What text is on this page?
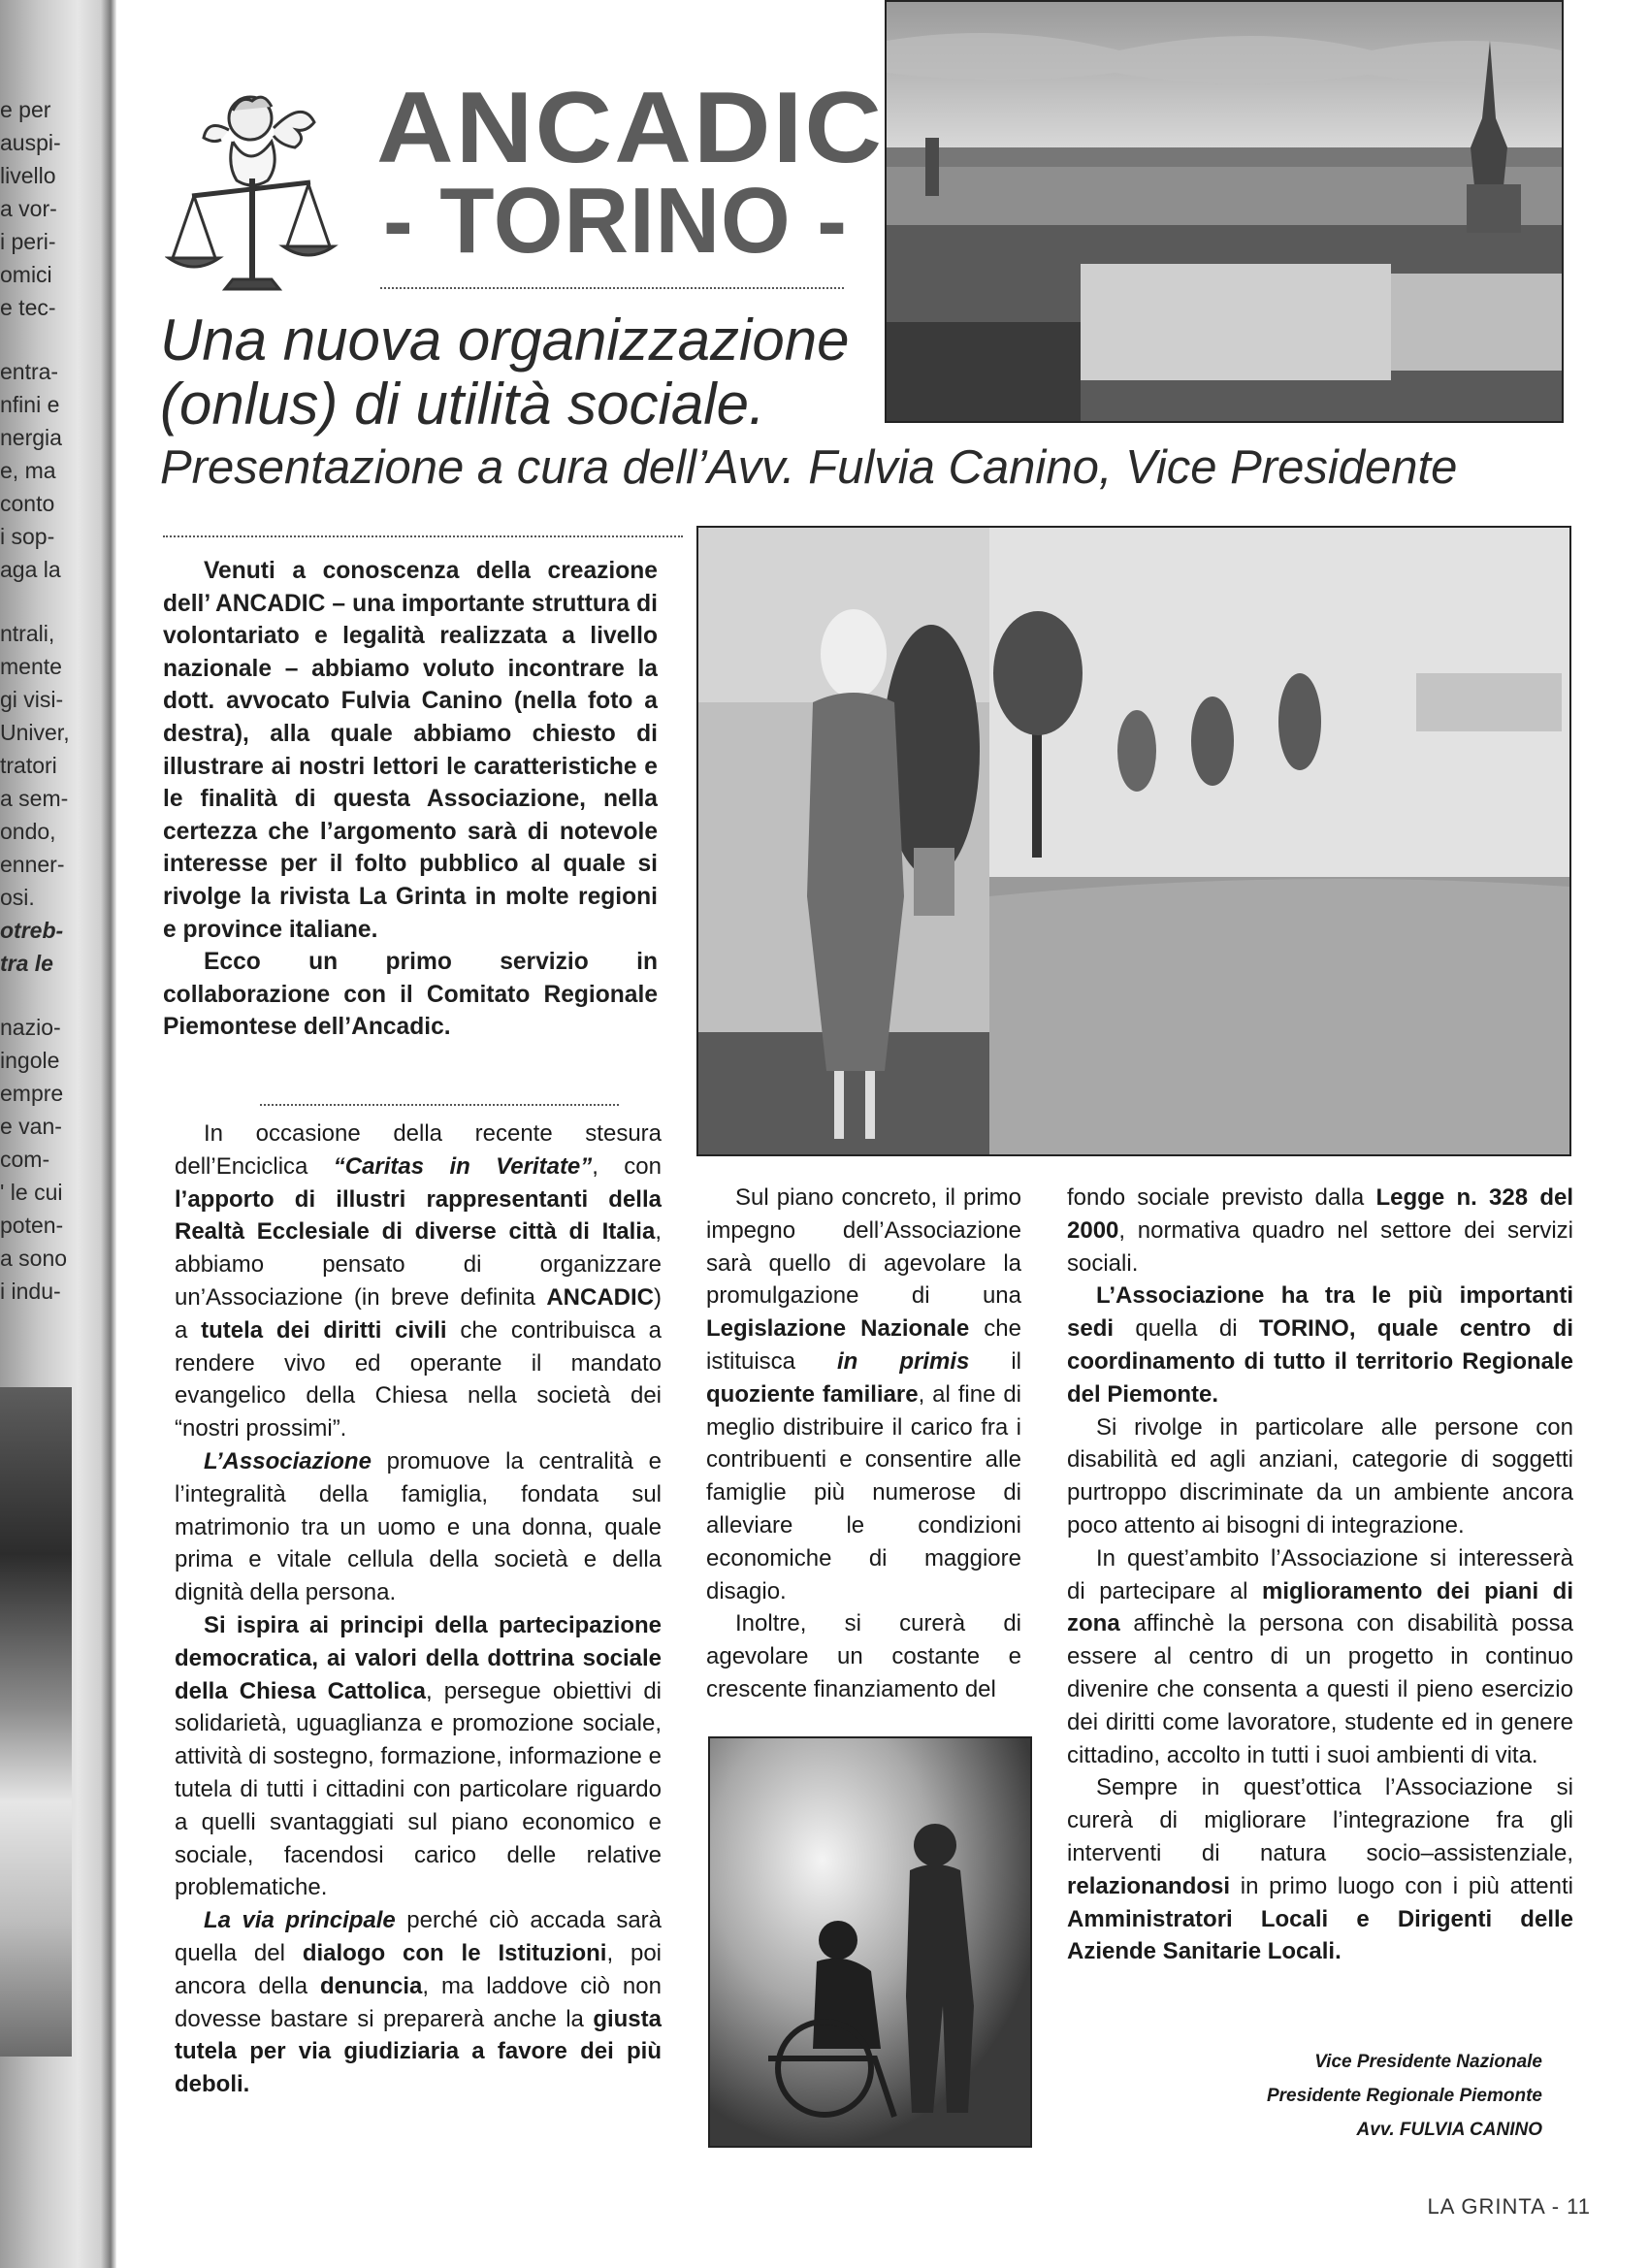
e per
auspi-
livello
a vor-
i peri-
omici
e tec-
entra-
nfini e
nergia
e, ma
conto
i sop-
aga la
ntrali,
mente
gi visi-
Univer,
tratori
a sem-
ondo,
enner-
osi.
otreb-
tra le
nazio-
ingole
empre
e van-
com-
' le cui
poten-
a sono
i indu-
ANCADIC
- TORINO -
Una nuova organizzazione
(onlus) di utilità sociale.
Presentazione a cura dell’Avv. Fulvia Canino, Vice Presidente

Venuti a conoscenza della creazione dell’ ANCADIC – una importante struttura di volontariato e legalità realizzata a livello nazionale – abbiamo voluto incontrare la dott. avvocato Fulvia Canino (nella foto a destra), alla quale abbiamo chiesto di illustrare ai nostri lettori le caratteristiche e le finalità di questa Associazione, nella certezza che l’argomento sarà di notevole interesse per il folto pubblico al quale si rivolge la rivista La Grinta in molte regioni e province italiane.

Ecco un primo servizio in collaborazione con il Comitato Regionale Piemontese dell’Ancadic.

In occasione della recente stesura dell’Enciclica “Caritas in Veritate”, con l’apporto di illustri rappresentanti della Realtà Ecclesiale di diverse città di Italia, abbiamo pensato di organizzare un’Associazione (in breve definita ANCADIC) a tutela dei diritti civili che contribuisca a rendere vivo ed operante il mandato evangelico della Chiesa nella società dei “nostri prossimi”.

L’Associazione promuove la centralità e l’integralità della famiglia, fondata sul matrimonio tra un uomo e una donna, quale prima e vitale cellula della società e della dignità della persona.

Si ispira ai principi della partecipazione democratica, ai valori della dottrina sociale della Chiesa Cattolica, persegue obiettivi di solidarietà, uguaglianza e promozione sociale, attività di sostegno, formazione, informazione e tutela di tutti i cittadini con particolare riguardo a quelli svantaggiati sul piano economico e sociale, facendosi carico delle relative problematiche.

La via principale perché ciò accada sarà quella del dialogo con le Istituzioni, poi ancora della denuncia, ma laddove ciò non dovesse bastare si preparerà anche la giusta tutela per via giudiziaria a favore dei più deboli.

Sul piano concreto, il primo impegno dell’Associazione sarà quello di agevolare la promulgazione di una Legislazione Nazionale che istituisca in primis il quoziente familiare, al fine di meglio distribuire il carico fra i contribuenti e consentire alle famiglie più numerose di alleviare le condizioni economiche di maggiore disagio.

Inoltre, si curerà di agevolare un costante e crescente finanziamento del

fondo sociale previsto dalla Legge n. 328 del 2000, normativa quadro nel settore dei servizi sociali.

L’Associazione ha tra le più importanti sedi quella di TORINO, quale centro di coordinamento di tutto il territorio Regionale del Piemonte.

Si rivolge in particolare alle persone con disabilità ed agli anziani, categorie di soggetti purtroppo discriminate da un ambiente ancora poco attento ai bisogni di integrazione.

In quest’ambito l’Associazione si interesserà di partecipare al miglioramento dei piani di zona affinchè la persona con disabilità possa essere al centro di un progetto in continuo divenire che consenta a questi il pieno esercizio dei diritti come lavoratore, studente ed in genere cittadino, accolto in tutti i suoi ambienti di vita.

Sempre in quest’ottica l’Associazione si curerà di migliorare l’integrazione fra gli interventi di natura socio–assistenziale, relazionandosi in primo luogo con i più attenti Amministratori Locali e Dirigenti delle Aziende Sanitarie Locali.

Vice Presidente Nazionale
Presidente Regionale Piemonte
Avv. FULVIA CANINO
LA GRINTA - 11
